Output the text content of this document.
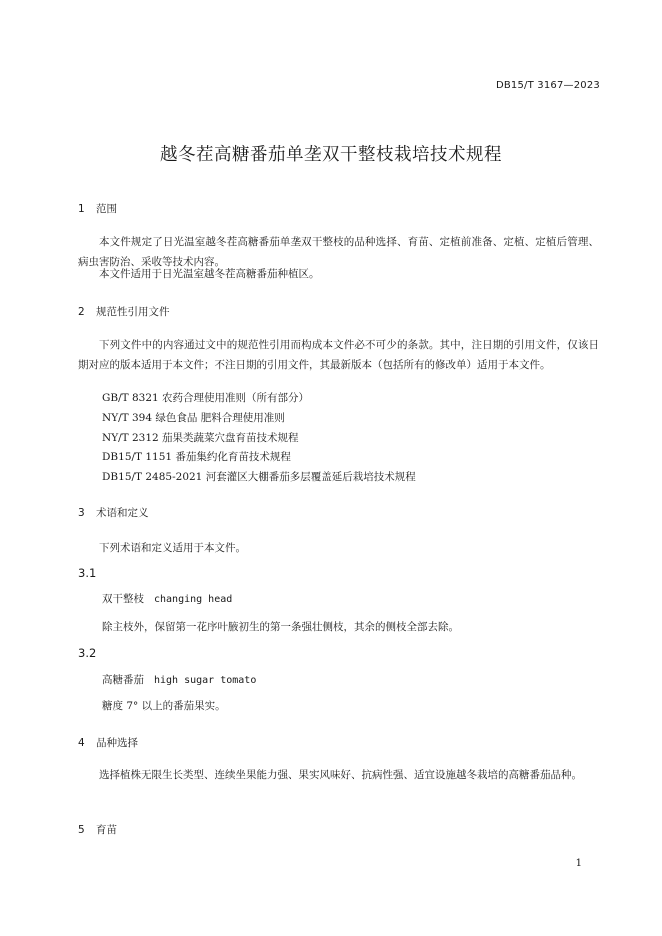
DB15/T 3167—2023
越冬茬高糖番茄单垄双干整枝栽培技术规程
1 范围
本文件规定了日光温室越冬茬高糖番茄单垄双干整枝的品种选择、育苗、定植前准备、定植、定植后管理、病虫害防治、采收等技术内容。
本文件适用于日光温室越冬茬高糖番茄种植区。
2 规范性引用文件
下列文件中的内容通过文中的规范性引用而构成本文件必不可少的条款。其中，注日期的引用文件，仅该日期对应的版本适用于本文件；不注日期的引用文件，其最新版本（包括所有的修改单）适用于本文件。
GB/T 8321 农药合理使用准则（所有部分）
NY/T 394 绿色食品 肥料合理使用准则
NY/T 2312 茄果类蔬菜穴盘育苗技术规程
DB15/T 1151 番茄集约化育苗技术规程
DB15/T 2485-2021 河套灌区大棚番茄多层覆盖延后栽培技术规程
3 术语和定义
下列术语和定义适用于本文件。
3.1
双干整枝 changing head
除主枝外，保留第一花序叶腋初生的第一条强壮侧枝，其余的侧枝全部去除。
3.2
高糖番茄 high sugar tomato
糖度 7° 以上的番茄果实。
4 品种选择
选择植株无限生长类型、连续坐果能力强、果实风味好、抗病性强、适宜设施越冬栽培的高糖番茄品种。
5 育苗
1
